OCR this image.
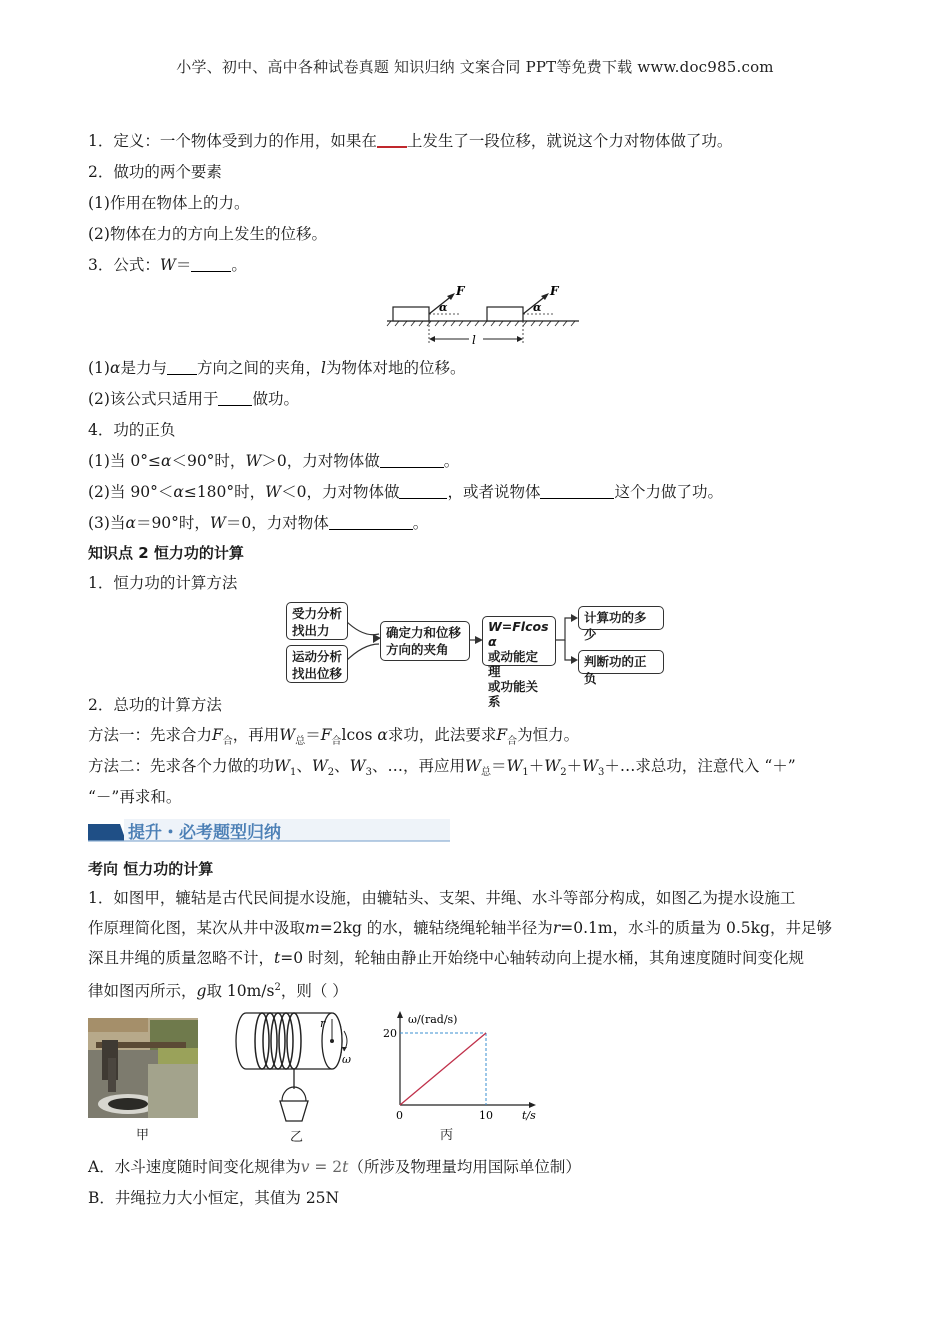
小学、初中、高中各种试卷真题 知识归纳 文案合同 PPT等免费下载 www.doc985.com
1．定义：一个物体受到力的作用，如果在 上发生了一段位移，就说这个力对物体做了功。
2．做功的两个要素
(1)作用在物体上的力。
(2)物体在力的方向上发生的位移。
3．公式：W＝	。
F
α
F
α
l
(1)α是力与 方向之间的夹角，l为物体对地的位移。
(2)该公式只适用于 做功。
4．功的正负
(1)当 0°≤α＜90°时，W＞0，力对物体做	。
(2)当 90°＜α≤180°时，W＜0，力对物体做	，或者说物体	这个力做了功。
(3)当α＝90°时，W＝0，力对物体	。
知识点 2 恒力功的计算
1．恒力功的计算方法
受力分析
找出力
运动分析
找出位移
确定力和位移
方向的夹角
W=Flcos α
或动能定理
或功能关系
计算功的多少
判断功的正负
2．总功的计算方法
方法一：先求合力$F_合$，再用$W_总=F_合lcos$ α求功，此法要求$F_合$为恒力。
方法二：先求各个力做的功$W_1$、$W_2$、$W_3$、…，再应用$W_总=W_1+W_2+W_3+\dots$求总功，注意代入 “＋”
“－”再求和。
提升・必考题型归纳
考向 恒力功的计算
1．如图甲，辘轱是古代民间提水设施，由辘轱头、支架、井绳、水斗等部分构成，如图乙为提水设施工
作原理简化图，某次从井中汲取m=2kg 的水，辘轱绕绳轮轴半径为r=0.1m，水斗的质量为 0.5kg，井足够
深且井绳的质量忽略不计，t=0 时刻，轮轴由静止开始绕中心轴转动向上提水桶，其角速度随时间变化规
律如图丙所示，g取 $10m/s^2$，则（ ）
r
ω
ω/(rad/s)
t/s
0
20
10
甲	乙	丙
A．水斗速度随时间变化规律为v = 2t（所涉及物理量均用国际单位制）
B．井绳拉力大小恒定，其值为 25N
